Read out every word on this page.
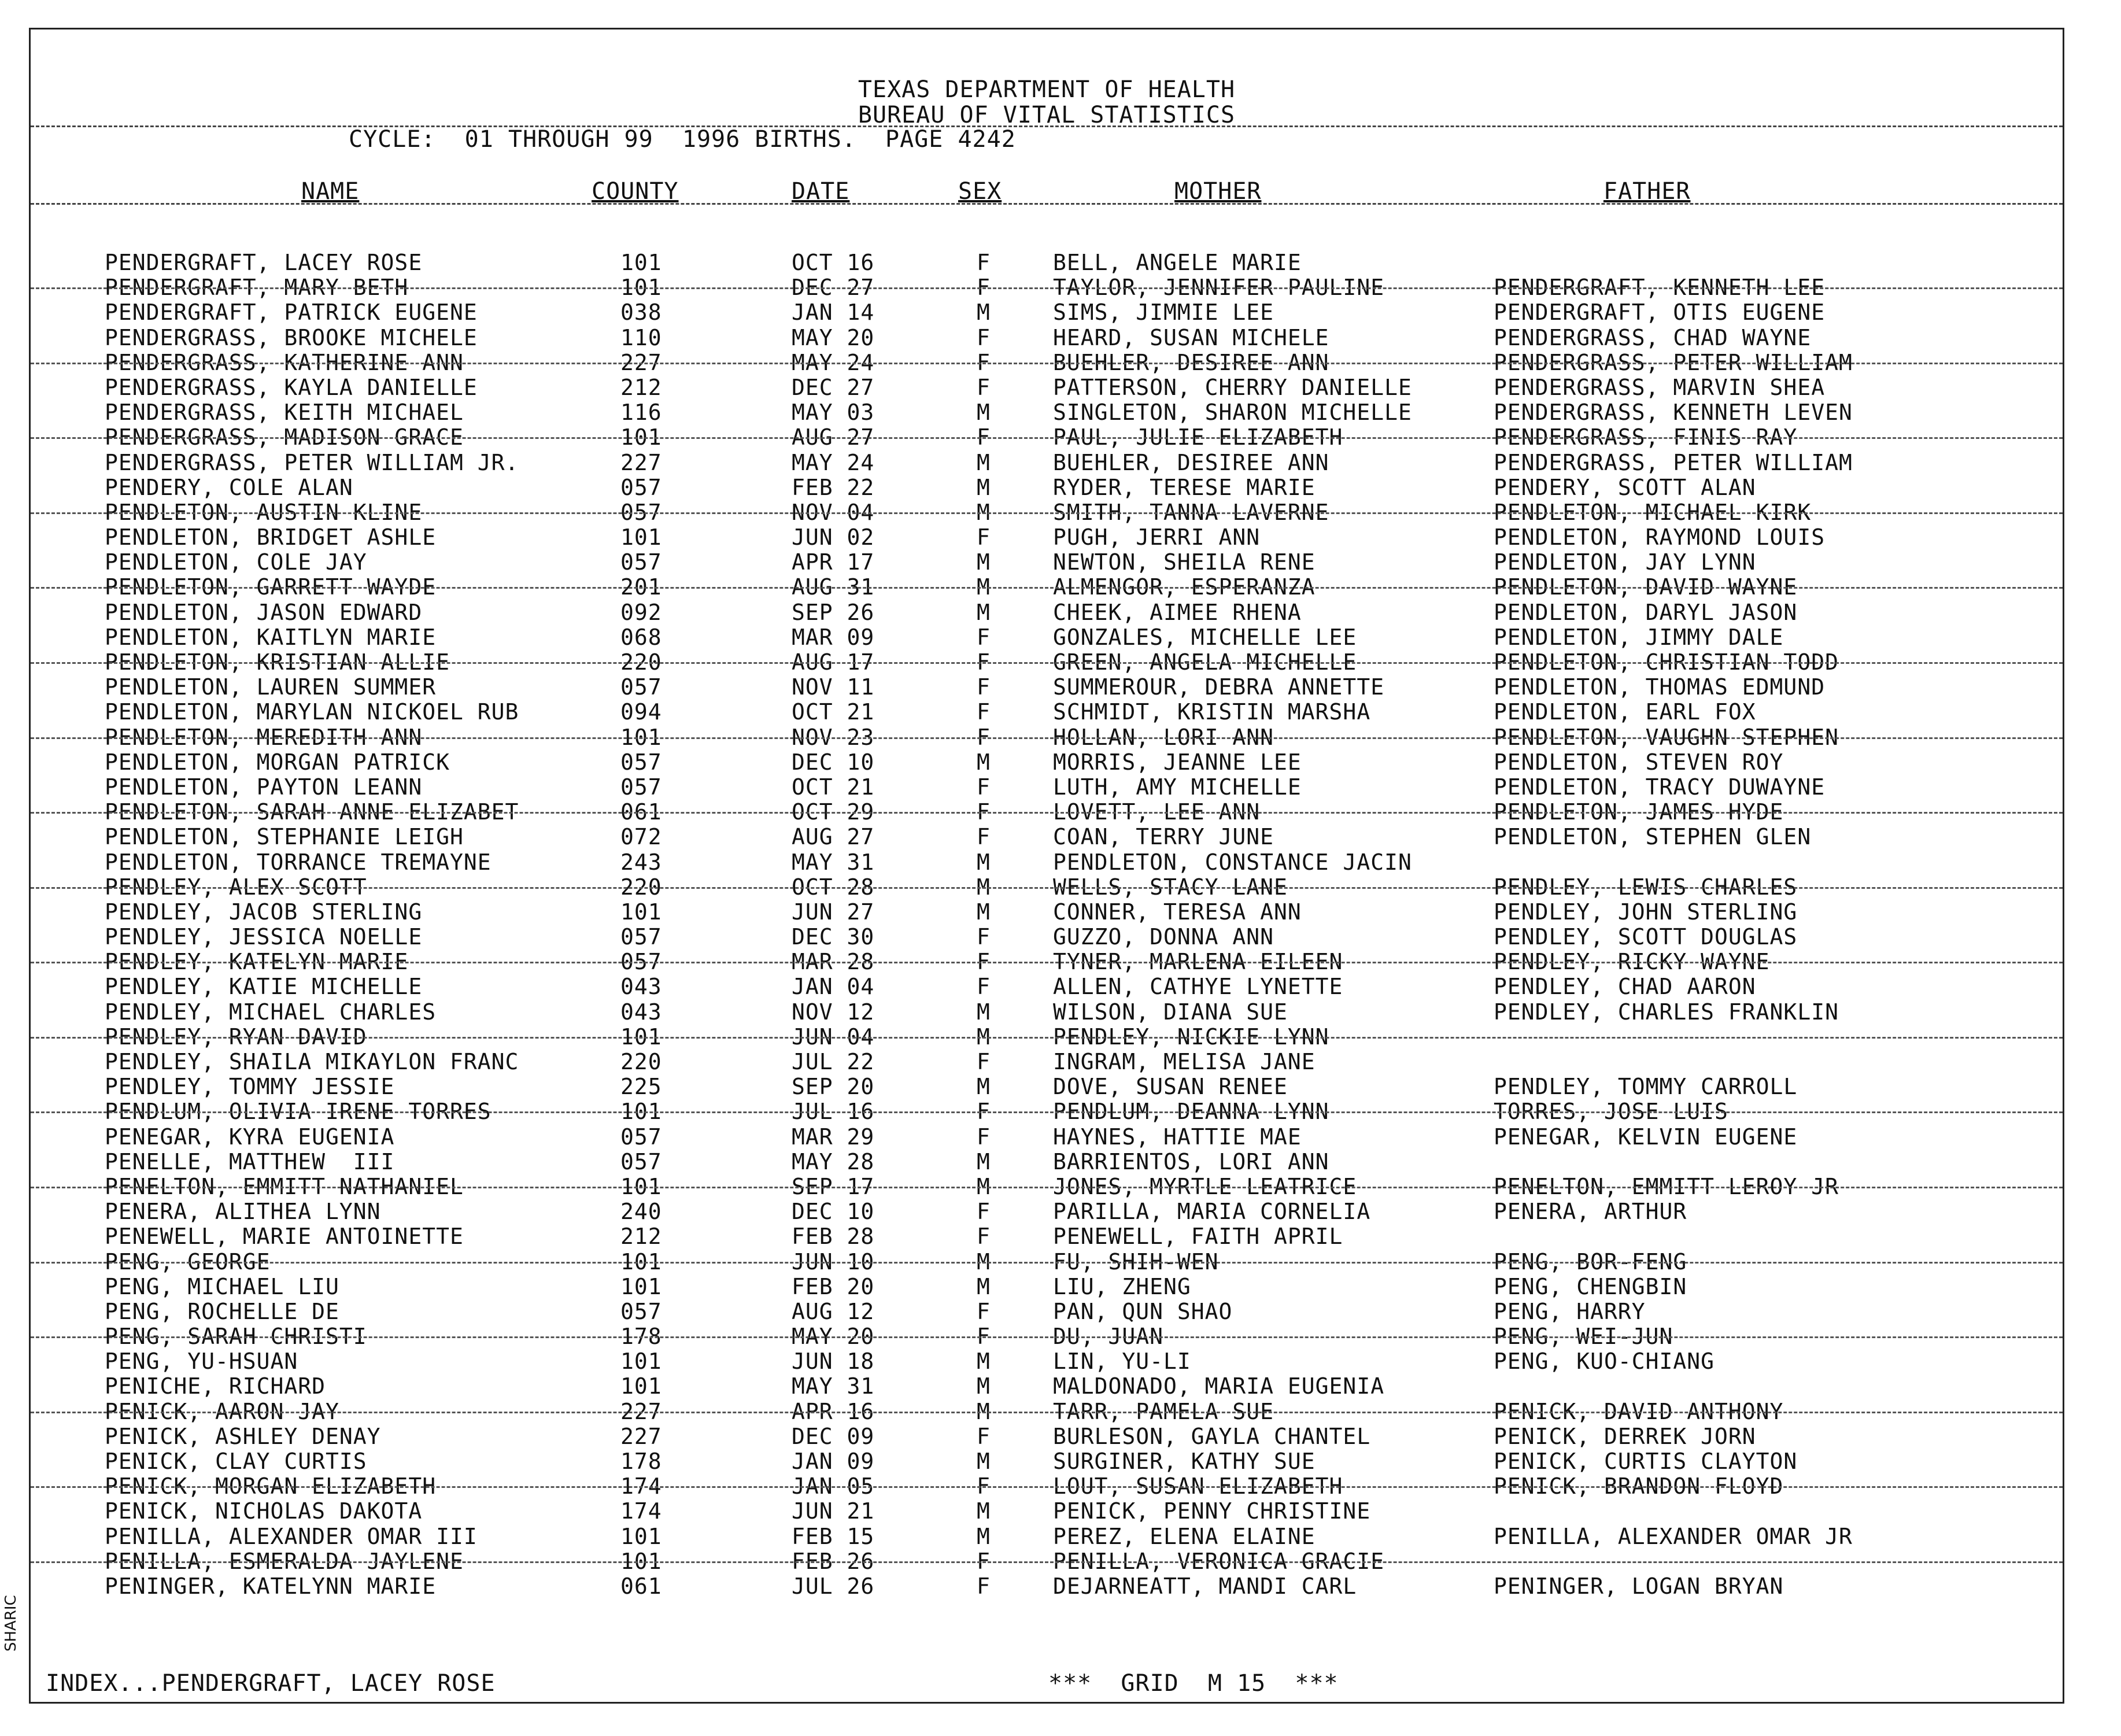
TEXAS DEPARTMENT OF HEALTH
BUREAU OF VITAL STATISTICS
CYCLE:  01 THROUGH 99  1996 BIRTHS.  PAGE 4242
NAME	COUNTY	DATE	SEX	MOTHER	FATHER
PENDERGRAFT, LACEY ROSE	101	OCT 16	F	BELL, ANGELE MARIE
PENDERGRAFT, MARY BETH	101	DEC 27	F	TAYLOR, JENNIFER PAULINE	PENDERGRAFT, KENNETH LEE
PENDERGRAFT, PATRICK EUGENE	038	JAN 14	M	SIMS, JIMMIE LEE	PENDERGRAFT, OTIS EUGENE
PENDERGRASS, BROOKE MICHELE	110	MAY 20	F	HEARD, SUSAN MICHELE	PENDERGRASS, CHAD WAYNE
PENDERGRASS, KATHERINE ANN	227	MAY 24	F	BUEHLER, DESIREE ANN	PENDERGRASS, PETER WILLIAM
PENDERGRASS, KAYLA DANIELLE	212	DEC 27	F	PATTERSON, CHERRY DANIELLE	PENDERGRASS, MARVIN SHEA
PENDERGRASS, KEITH MICHAEL	116	MAY 03	M	SINGLETON, SHARON MICHELLE	PENDERGRASS, KENNETH LEVEN
PENDERGRASS, MADISON GRACE	101	AUG 27	F	PAUL, JULIE ELIZABETH	PENDERGRASS, FINIS RAY
PENDERGRASS, PETER WILLIAM JR.	227	MAY 24	M	BUEHLER, DESIREE ANN	PENDERGRASS, PETER WILLIAM
PENDERY, COLE ALAN	057	FEB 22	M	RYDER, TERESE MARIE	PENDERY, SCOTT ALAN
PENDLETON, AUSTIN KLINE	057	NOV 04	M	SMITH, TANNA LAVERNE	PENDLETON, MICHAEL KIRK
PENDLETON, BRIDGET ASHLE	101	JUN 02	F	PUGH, JERRI ANN	PENDLETON, RAYMOND LOUIS
PENDLETON, COLE JAY	057	APR 17	M	NEWTON, SHEILA RENE	PENDLETON, JAY LYNN
PENDLETON, GARRETT WAYDE	201	AUG 31	M	ALMENGOR, ESPERANZA	PENDLETON, DAVID WAYNE
PENDLETON, JASON EDWARD	092	SEP 26	M	CHEEK, AIMEE RHENA	PENDLETON, DARYL JASON
PENDLETON, KAITLYN MARIE	068	MAR 09	F	GONZALES, MICHELLE LEE	PENDLETON, JIMMY DALE
PENDLETON, KRISTIAN ALLIE	220	AUG 17	F	GREEN, ANGELA MICHELLE	PENDLETON, CHRISTIAN TODD
PENDLETON, LAUREN SUMMER	057	NOV 11	F	SUMMEROUR, DEBRA ANNETTE	PENDLETON, THOMAS EDMUND
PENDLETON, MARYLAN NICKOEL RUB	094	OCT 21	F	SCHMIDT, KRISTIN MARSHA	PENDLETON, EARL FOX
PENDLETON, MEREDITH ANN	101	NOV 23	F	HOLLAN, LORI ANN	PENDLETON, VAUGHN STEPHEN
PENDLETON, MORGAN PATRICK	057	DEC 10	M	MORRIS, JEANNE LEE	PENDLETON, STEVEN ROY
PENDLETON, PAYTON LEANN	057	OCT 21	F	LUTH, AMY MICHELLE	PENDLETON, TRACY DUWAYNE
PENDLETON, SARAH ANNE ELIZABET	061	OCT 29	F	LOVETT, LEE ANN	PENDLETON, JAMES HYDE
PENDLETON, STEPHANIE LEIGH	072	AUG 27	F	COAN, TERRY JUNE	PENDLETON, STEPHEN GLEN
PENDLETON, TORRANCE TREMAYNE	243	MAY 31	M	PENDLETON, CONSTANCE JACIN
PENDLEY, ALEX SCOTT	220	OCT 28	M	WELLS, STACY LANE	PENDLEY, LEWIS CHARLES
PENDLEY, JACOB STERLING	101	JUN 27	M	CONNER, TERESA ANN	PENDLEY, JOHN STERLING
PENDLEY, JESSICA NOELLE	057	DEC 30	F	GUZZO, DONNA ANN	PENDLEY, SCOTT DOUGLAS
PENDLEY, KATELYN MARIE	057	MAR 28	F	TYNER, MARLENA EILEEN	PENDLEY, RICKY WAYNE
PENDLEY, KATIE MICHELLE	043	JAN 04	F	ALLEN, CATHYE LYNETTE	PENDLEY, CHAD AARON
PENDLEY, MICHAEL CHARLES	043	NOV 12	M	WILSON, DIANA SUE	PENDLEY, CHARLES FRANKLIN
PENDLEY, RYAN DAVID	101	JUN 04	M	PENDLEY, NICKIE LYNN
PENDLEY, SHAILA MIKAYLON FRANC	220	JUL 22	F	INGRAM, MELISA JANE
PENDLEY, TOMMY JESSIE	225	SEP 20	M	DOVE, SUSAN RENEE	PENDLEY, TOMMY CARROLL
PENDLUM, OLIVIA IRENE TORRES	101	JUL 16	F	PENDLUM, DEANNA LYNN	TORRES, JOSE LUIS
PENEGAR, KYRA EUGENIA	057	MAR 29	F	HAYNES, HATTIE MAE	PENEGAR, KELVIN EUGENE
PENELLE, MATTHEW  III	057	MAY 28	M	BARRIENTOS, LORI ANN
PENELTON, EMMITT NATHANIEL	101	SEP 17	M	JONES, MYRTLE LEATRICE	PENELTON, EMMITT LEROY JR
PENERA, ALITHEA LYNN	240	DEC 10	F	PARILLA, MARIA CORNELIA	PENERA, ARTHUR
PENEWELL, MARIE ANTOINETTE	212	FEB 28	F	PENEWELL, FAITH APRIL
PENG, GEORGE	101	JUN 10	M	FU, SHIH-WEN	PENG, BOR-FENG
PENG, MICHAEL LIU	101	FEB 20	M	LIU, ZHENG	PENG, CHENGBIN
PENG, ROCHELLE DE	057	AUG 12	F	PAN, QUN SHAO	PENG, HARRY
PENG, SARAH CHRISTI	178	MAY 20	F	DU, JUAN	PENG, WEI-JUN
PENG, YU-HSUAN	101	JUN 18	M	LIN, YU-LI	PENG, KUO-CHIANG
PENICHE, RICHARD	101	MAY 31	M	MALDONADO, MARIA EUGENIA
PENICK, AARON JAY	227	APR 16	M	TARR, PAMELA SUE	PENICK, DAVID ANTHONY
PENICK, ASHLEY DENAY	227	DEC 09	F	BURLESON, GAYLA CHANTEL	PENICK, DERREK JORN
PENICK, CLAY CURTIS	178	JAN 09	M	SURGINER, KATHY SUE	PENICK, CURTIS CLAYTON
PENICK, MORGAN ELIZABETH	174	JAN 05	F	LOUT, SUSAN ELIZABETH	PENICK, BRANDON FLOYD
PENICK, NICHOLAS DAKOTA	174	JUN 21	M	PENICK, PENNY CHRISTINE
PENILLA, ALEXANDER OMAR III	101	FEB 15	M	PEREZ, ELENA ELAINE	PENILLA, ALEXANDER OMAR JR
PENILLA, ESMERALDA JAYLENE	101	FEB 26	F	PENILLA, VERONICA GRACIE
PENINGER, KATELYNN MARIE	061	JUL 26	F	DEJARNEATT, MANDI CARL	PENINGER, LOGAN BRYAN
INDEX...PENDERGRAFT, LACEY ROSE	***  GRID  M 15  ***
SHARIC
